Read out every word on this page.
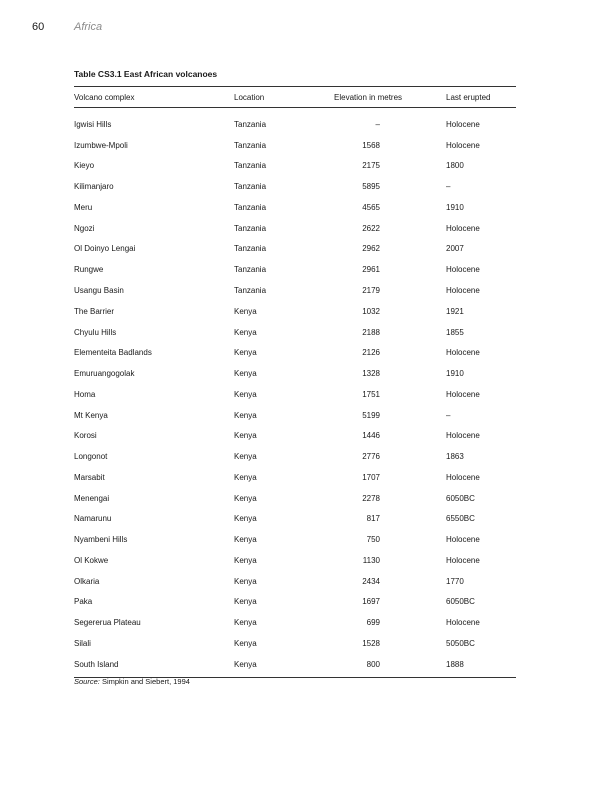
60	Africa
Table CS3.1 East African volcanoes
Volcano complex	Location	Elevation in metres	Last erupted
Igwisi Hills	Tanzania	–	Holocene
Izumbwe-Mpoli	Tanzania	1568	Holocene
Kieyo	Tanzania	2175	1800
Kilimanjaro	Tanzania	5895	–
Meru	Tanzania	4565	1910
Ngozi	Tanzania	2622	Holocene
Ol Doinyo Lengai	Tanzania	2962	2007
Rungwe	Tanzania	2961	Holocene
Usangu Basin	Tanzania	2179	Holocene
The Barrier	Kenya	1032	1921
Chyulu Hills	Kenya	2188	1855
Elementeita Badlands	Kenya	2126	Holocene
Emuruangogolak	Kenya	1328	1910
Homa	Kenya	1751	Holocene
Mt Kenya	Kenya	5199	–
Korosi	Kenya	1446	Holocene
Longonot	Kenya	2776	1863
Marsabit	Kenya	1707	Holocene
Menengai	Kenya	2278	6050BC
Namarunu	Kenya	817	6550BC
Nyambeni Hills	Kenya	750	Holocene
Ol Kokwe	Kenya	1130	Holocene
Olkaria	Kenya	2434	1770
Paka	Kenya	1697	6050BC
Segererua Plateau	Kenya	699	Holocene
Silali	Kenya	1528	5050BC
South Island	Kenya	800	1888
Source: Simpkin and Siebert, 1994
